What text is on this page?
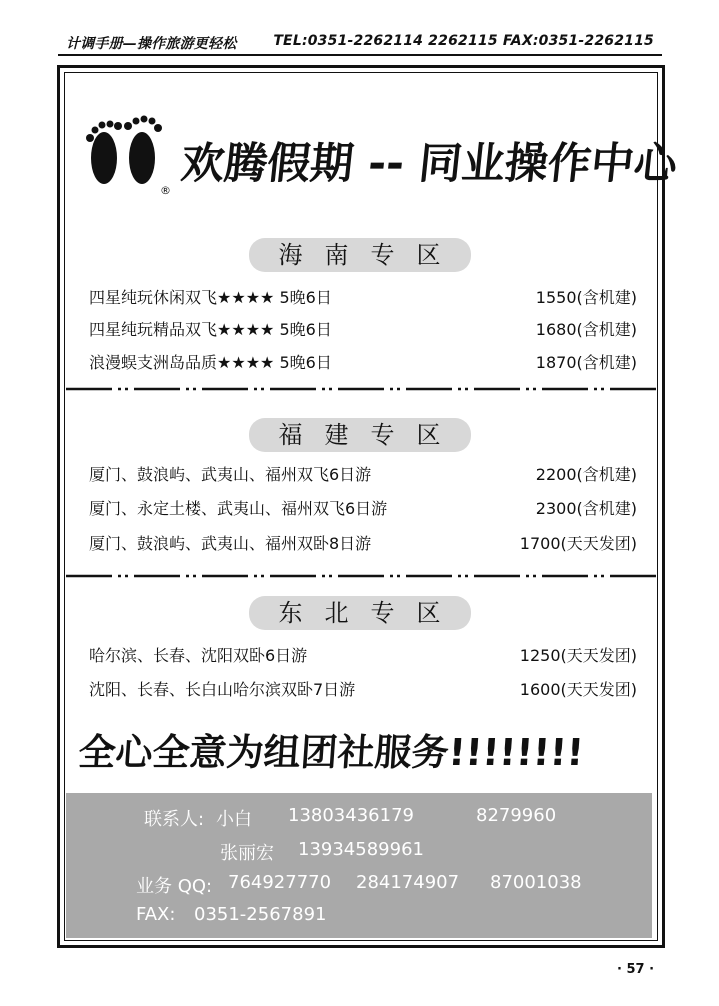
计调手册—操作旅游更轻松	TEL:0351-2262114 2262115 FAX:0351-2262115
®
欢腾假期 -- 同业操作中心
海南专区
四星纯玩休闲双飞★★★★ 5晚6日	1550(含机建)
四星纯玩精品双飞★★★★ 5晚6日	1680(含机建)
浪漫蜈支洲岛品质★★★★ 5晚6日	1870(含机建)
福建专区
厦门、鼓浪屿、武夷山、福州双飞6日游	2200(含机建)
厦门、永定土楼、武夷山、福州双飞6日游	2300(含机建)
厦门、鼓浪屿、武夷山、福州双卧8日游	1700(天天发团)
东北专区
哈尔滨、长春、沈阳双卧6日游	1250(天天发团)
沈阳、长春、长白山哈尔滨双卧7日游	1600(天天发团)
全心全意为组团社服务!!!!!!!!
联系人: 小白 13803436179	8279960
张丽宏 13934589961
业务 QQ: 764927770 284174907 87001038
FAX: 0351-2567891
· 57 ·
